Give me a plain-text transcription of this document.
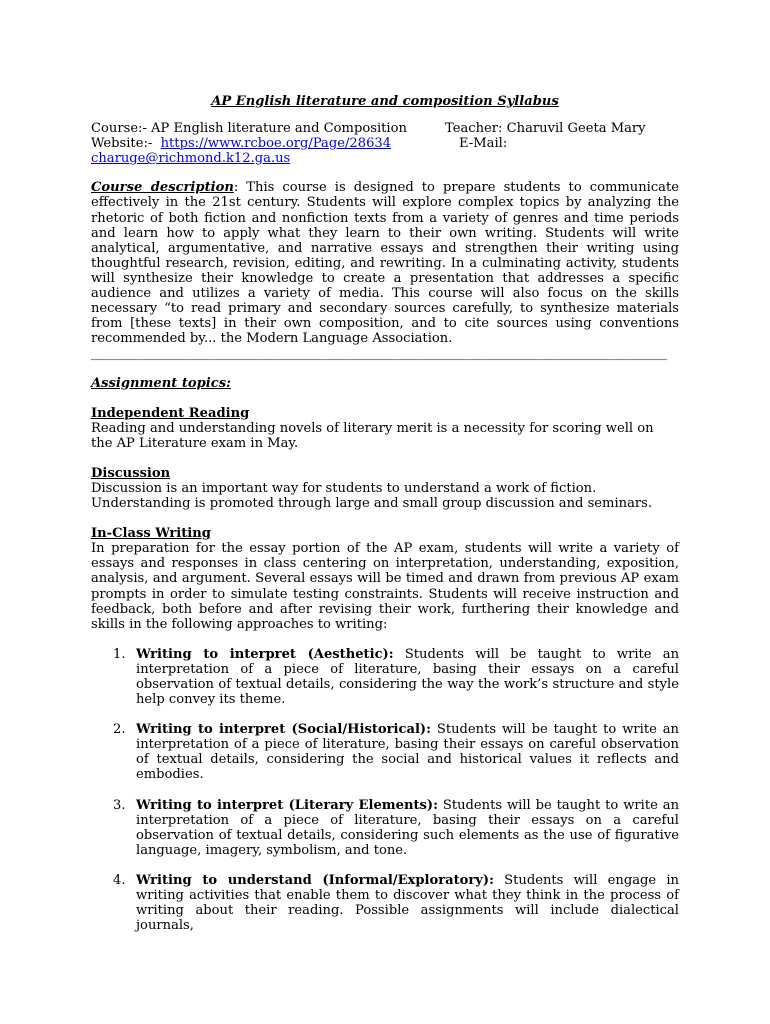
AP English literature and composition Syllabus
Course:- AP English literature and Composition	Teacher: Charuvil Geeta Mary
Website:- https://www.rcboe.org/Page/28634	E-Mail:
charuge@richmond.k12.ga.us
Course description: This course is designed to prepare students to communicate effectively in the 21st century. Students will explore complex topics by analyzing the rhetoric of both fiction and nonfiction texts from a variety of genres and time periods and learn how to apply what they learn to their own writing. Students will write analytical, argumentative, and narrative essays and strengthen their writing using thoughtful research, revision, editing, and rewriting. In a culminating activity, students will synthesize their knowledge to create a presentation that addresses a specific audience and utilizes a variety of media. This course will also focus on the skills necessary “to read primary and secondary sources carefully, to synthesize materials from [these texts] in their own composition, and to cite sources using conventions recommended by... the Modern Language Association.
________________________________________________________________________________________
Assignment topics:
Independent Reading
Reading and understanding novels of literary merit is a necessity for scoring well on the AP Literature exam in May.
Discussion
Discussion is an important way for students to understand a work of fiction. Understanding is promoted through large and small group discussion and seminars.
In-Class Writing
In preparation for the essay portion of the AP exam, students will write a variety of essays and responses in class centering on interpretation, understanding, exposition, analysis, and argument. Several essays will be timed and drawn from previous AP exam prompts in order to simulate testing constraints. Students will receive instruction and feedback, both before and after revising their work, furthering their knowledge and skills in the following approaches to writing:
1. Writing to interpret (Aesthetic): Students will be taught to write an interpretation of a piece of literature, basing their essays on a careful observation of textual details, considering the way the work’s structure and style help convey its theme.
2. Writing to interpret (Social/Historical): Students will be taught to write an interpretation of a piece of literature, basing their essays on careful observation of textual details, considering the social and historical values it reflects and embodies.
3. Writing to interpret (Literary Elements): Students will be taught to write an interpretation of a piece of literature, basing their essays on a careful observation of textual details, considering such elements as the use of figurative language, imagery, symbolism, and tone.
4. Writing to understand (Informal/Exploratory): Students will engage in writing activities that enable them to discover what they think in the process of writing about their reading. Possible assignments will include dialectical journals,
